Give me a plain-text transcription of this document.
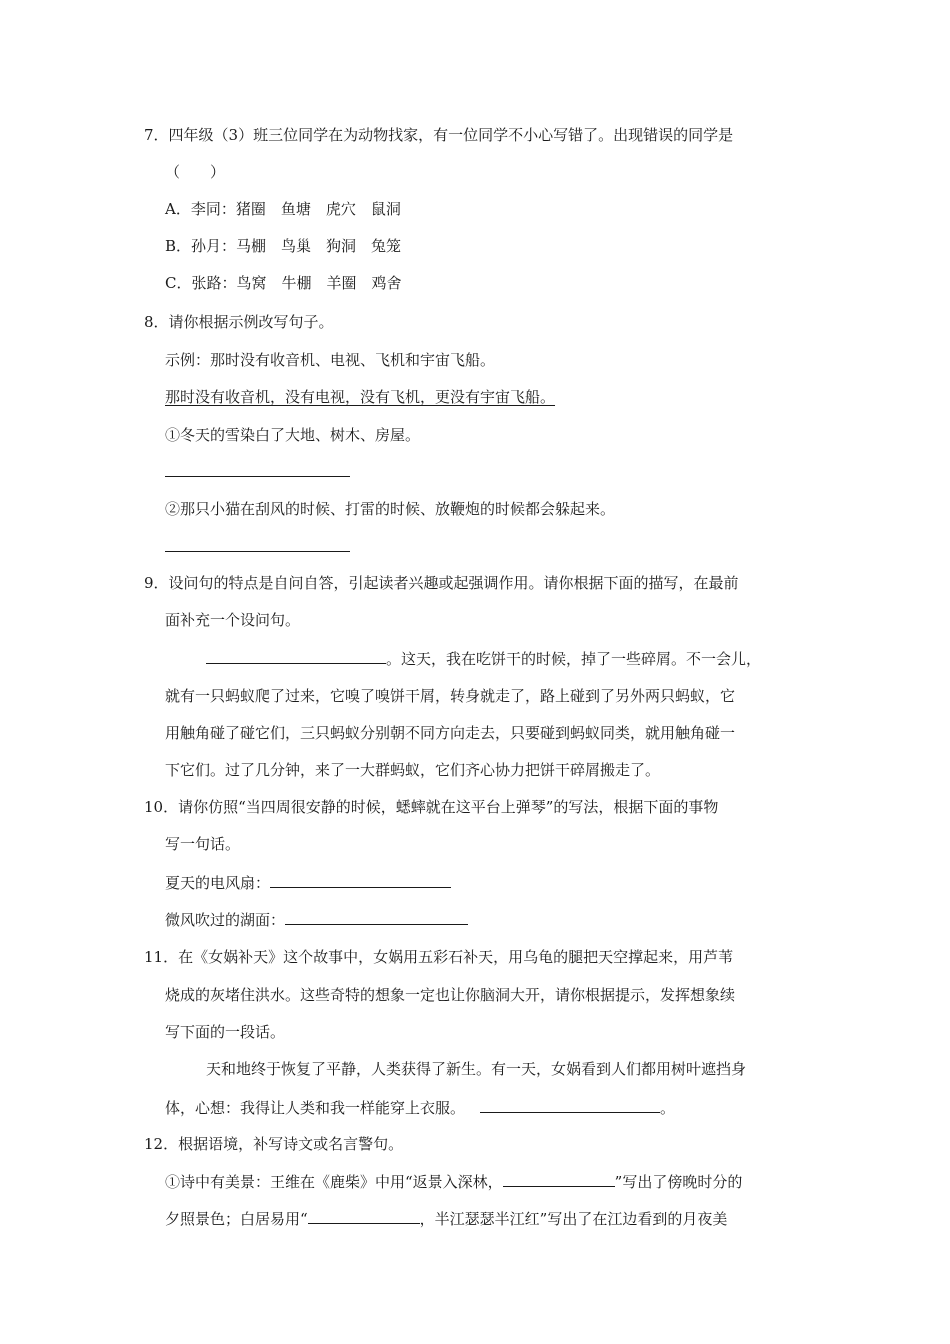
7．四年级（3）班三位同学在为动物找家，有一位同学不小心写错了。出现错误的同学是
（　　）
A．李同：猪圈　鱼塘　虎穴　鼠洞
B．孙月：马棚　鸟巢　狗洞　兔笼
C．张路：鸟窝　牛棚　羊圈　鸡舍
8．请你根据示例改写句子。
示例：那时没有收音机、电视、飞机和宇宙飞船。
那时没有收音机，没有电视，没有飞机，更没有宇宙飞船。
①冬天的雪染白了大地、树木、房屋。
②那只小猫在刮风的时候、打雷的时候、放鞭炮的时候都会躲起来。
9．设问句的特点是自问自答，引起读者兴趣或起强调作用。请你根据下面的描写，在最前
面补充一个设问句。
。这天，我在吃饼干的时候，掉了一些碎屑。不一会儿，
就有一只蚂蚁爬了过来，它嗅了嗅饼干屑，转身就走了，路上碰到了另外两只蚂蚁，它
用触角碰了碰它们，三只蚂蚁分别朝不同方向走去，只要碰到蚂蚁同类，就用触角碰一
下它们。过了几分钟，来了一大群蚂蚁，它们齐心协力把饼干碎屑搬走了。
10．请你仿照“当四周很安静的时候，蟋蟀就在这平台上弹琴”的写法，根据下面的事物
写一句话。
夏天的电风扇：
微风吹过的湖面：
11．在《女娲补天》这个故事中，女娲用五彩石补天，用乌龟的腿把天空撑起来，用芦苇
烧成的灰堵住洪水。这些奇特的想象一定也让你脑洞大开，请你根据提示，发挥想象续
写下面的一段话。
天和地终于恢复了平静，人类获得了新生。有一天，女娲看到人们都用树叶遮挡身
体，心想：我得让人类和我一样能穿上衣服。	。
12．根据语境，补写诗文或名言警句。
①诗中有美景：王维在《鹿柴》中用“返景入深林，	”写出了傍晚时分的
夕照景色；白居易用“	，半江瑟瑟半江红”写出了在江边看到的月夜美
